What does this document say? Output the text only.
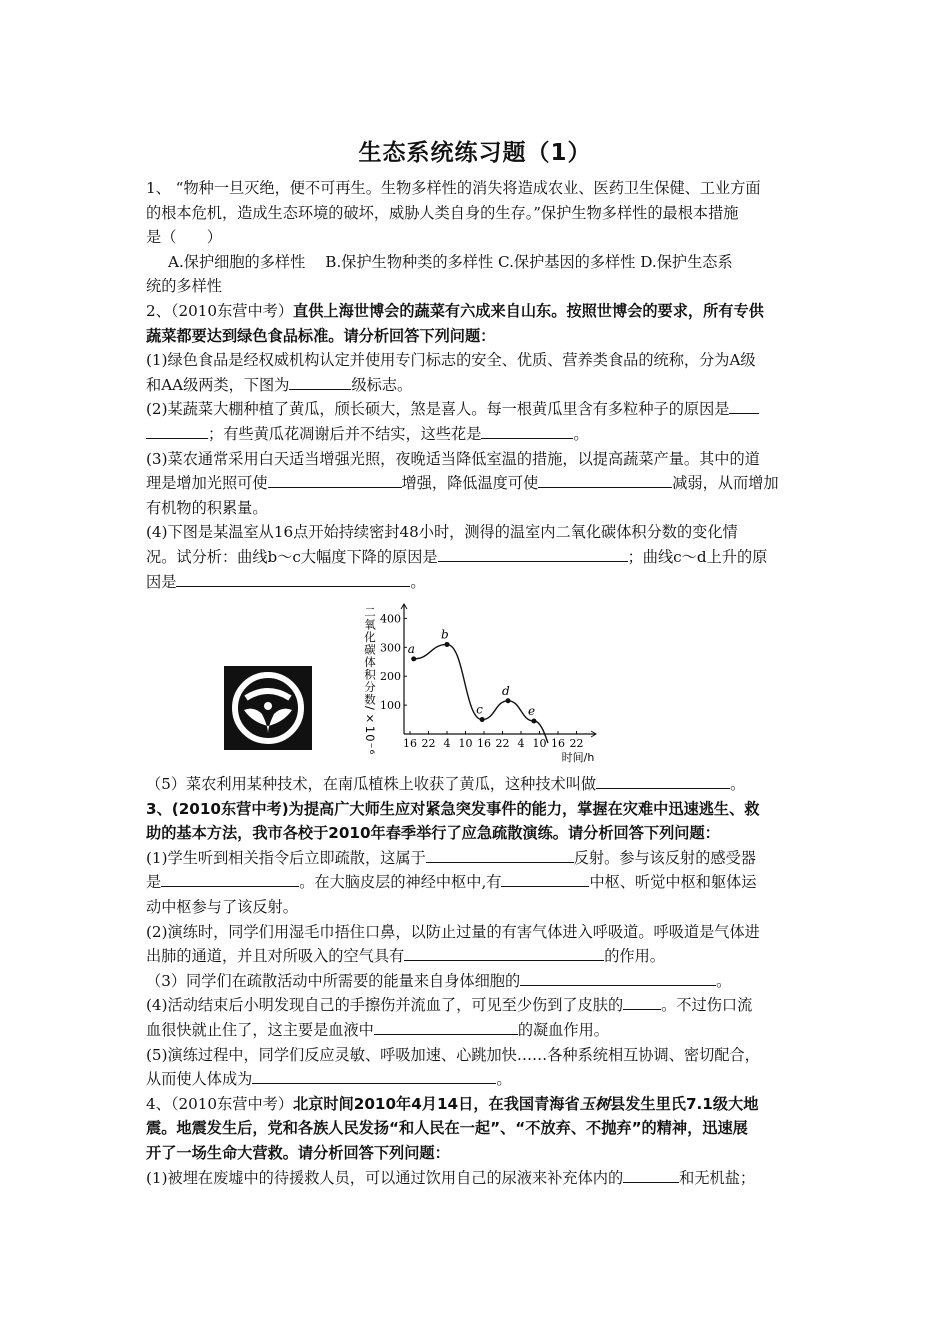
生态系统练习题（1）

1、 “物种一旦灭绝，便不可再生。生物多样性的消失将造成农业、医药卫生保健、工业方面

的根本危机，造成生态环境的破坏，威胁人类自身的生存。”保护生物多样性的最根本措施

是（　　）

A.保护细胞的多样性　 B.保护生物种类的多样性 C.保护基因的多样性 D.保护生态系

统的多样性

2、（2010东营中考）直供上海世博会的蔬菜有六成来自山东。按照世博会的要求，所有专供

蔬菜都要达到绿色食品标准。请分析回答下列问题：

(1)绿色食品是经权威机构认定并使用专门标志的安全、优质、营养类食品的统称，分为A级

和AA级两类，下图为	级标志。

(2)某蔬菜大棚种植了黄瓜，颀长硕大，煞是喜人。每一根黄瓜里含有多粒种子的原因是

；有些黄瓜花凋谢后并不结实，这些花是	。

(3)菜农通常采用白天适当增强光照，夜晚适当降低室温的措施，以提高蔬菜产量。其中的道

理是增加光照可使	增强，降低温度可使	减弱，从而增加

有机物的积累量。

(4)下图是某温室从16点开始持续密封48小时，测得的温室内二氧化碳体积分数的变化情

况。试分析：曲线b～c大幅度下降的原因是	；曲线c～d上升的原

因是	。

100
200
300
400
16 22 4 10 16 22 4 10 16 22
时间/h
二氧化碳体积分数/×10⁻⁶	a
b
c
d
e

（5）菜农利用某种技术，在南瓜植株上收获了黄瓜，这种技术叫做	。

3、(2010东营中考)为提高广大师生应对紧急突发事件的能力，掌握在灾难中迅速逃生、救

助的基本方法，我市各校于2010年春季举行了应急疏散演练。请分析回答下列问题：

(1)学生听到相关指令后立即疏散，这属于	反射。参与该反射的感受器

是	。在大脑皮层的神经中枢中,有	中枢、听觉中枢和躯体运

动中枢参与了该反射。

(2)演练时，同学们用湿毛巾捂住口鼻，以防止过量的有害气体进入呼吸道。呼吸道是气体进

出肺的通道，并且对所吸入的空气具有	的作用。

（3）同学们在疏散活动中所需要的能量来自身体细胞的	。

(4)活动结束后小明发现自己的手擦伤并流血了，可见至少伤到了皮肤的	。不过伤口流

血很快就止住了，这主要是血液中	的凝血作用。

(5)演练过程中，同学们反应灵敏、呼吸加速、心跳加快……各种系统相互协调、密切配合，

从而使人体成为	。

4、（2010东营中考）北京时间2010年4月14日，在我国青海省玉树县发生里氏7.1级大地

震。地震发生后，党和各族人民发扬“和人民在一起”、“不放弃、不抛弃”的精神，迅速展

开了一场生命大营救。请分析回答下列问题：

(1)被埋在废墟中的待援救人员，可以通过饮用自己的尿液来补充体内的	和无机盐；
